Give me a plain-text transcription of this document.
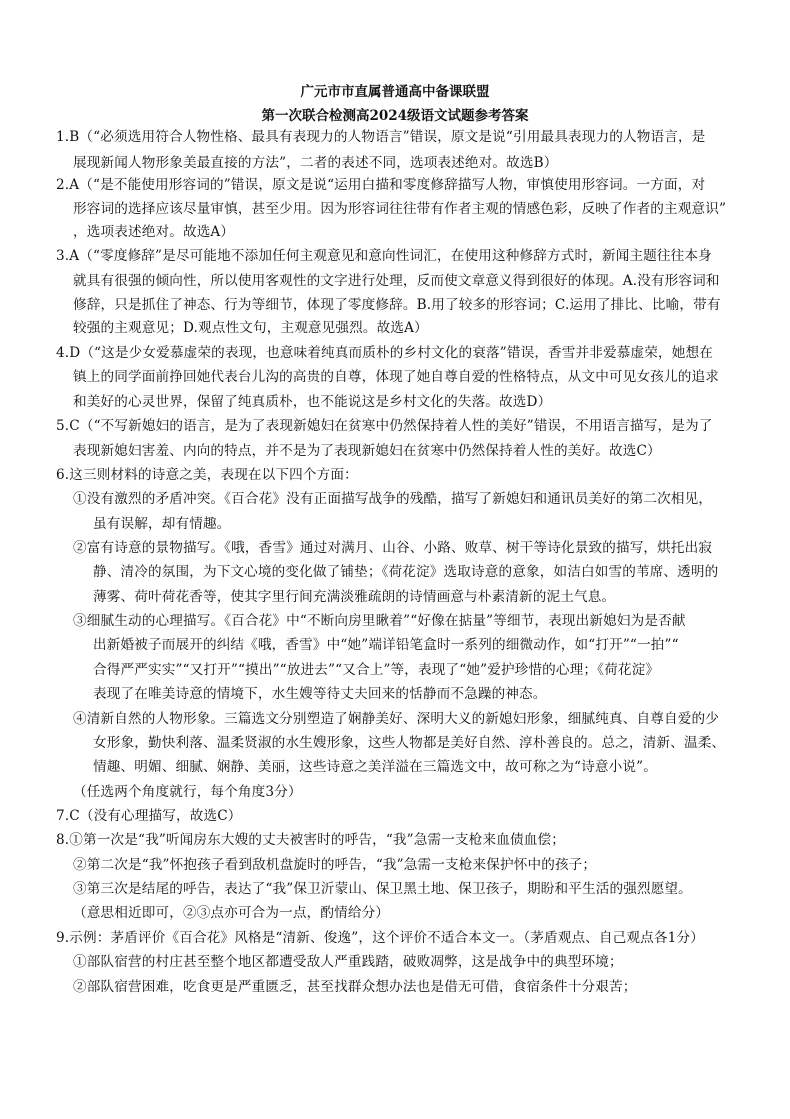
广元市市直属普通高中备课联盟
第一次联合检测高2024级语文试题参考答案
1.B（“必须选用符合人物性格、最具有表现力的人物语言”错误，原文是说“引用最具表现力的人物语言，是
展现新闻人物形象美最直接的方法”，二者的表述不同，选项表述绝对。故选B）
2.A（“是不能使用形容词的”错误，原文是说“运用白描和零度修辞描写人物，审慎使用形容词。一方面，对
形容词的选择应该尽量审慎，甚至少用。因为形容词往往带有作者主观的情感色彩，反映了作者的主观意识”
，选项表述绝对。故选A）
3.A（“零度修辞”是尽可能地不添加任何主观意见和意向性词汇，在使用这种修辞方式时，新闻主题往往本身
就具有很强的倾向性，所以使用客观性的文字进行处理，反而使文章意义得到很好的体现。A.没有形容词和
修辞，只是抓住了神态、行为等细节，体现了零度修辞。B.用了较多的形容词；C.运用了排比、比喻，带有
较强的主观意见；D.观点性文句，主观意见强烈。故选A）
4.D（“这是少女爱慕虚荣的表现，也意味着纯真而质朴的乡村文化的衰落”错误，香雪并非爱慕虚荣，她想在
镇上的同学面前挣回她代表台儿沟的高贵的自尊，体现了她自尊自爱的性格特点，从文中可见女孩儿的追求
和美好的心灵世界，保留了纯真质朴，也不能说这是乡村文化的失落。故选D）
5.C（“不写新媳妇的语言，是为了表现新媳妇在贫寒中仍然保持着人性的美好”错误，不用语言描写，是为了
表现新媳妇害羞、内向的特点，并不是为了表现新媳妇在贫寒中仍然保持着人性的美好。故选C）
6.这三则材料的诗意之美，表现在以下四个方面：
①没有激烈的矛盾冲突。《百合花》没有正面描写战争的残酷，描写了新媳妇和通讯员美好的第二次相见，
虽有误解，却有情趣。
②富有诗意的景物描写。《哦，香雪》通过对满月、山谷、小路、败草、树干等诗化景致的描写，烘托出寂
静、清冷的氛围，为下文心境的变化做了铺垫；《荷花淀》选取诗意的意象，如洁白如雪的苇席、透明的
薄雾、荷叶荷花香等，使其字里行间充满淡雅疏朗的诗情画意与朴素清新的泥土气息。
③细腻生动的心理描写。《百合花》中“不断向房里瞅着”“好像在掂量”等细节，表现出新媳妇为是否献
出新婚被子而展开的纠结《哦，香雪》中“她”端详铅笔盒时一系列的细微动作，如“打开”“一拍”“
合得严严实实”“又打开”“摸出”“放进去”“又合上”等，表现了“她”爱护珍惜的心理；《荷花淀》
表现了在唯美诗意的情境下，水生嫂等待丈夫回来的恬静而不急躁的神态。
④清新自然的人物形象。三篇选文分别塑造了娴静美好、深明大义的新媳妇形象，细腻纯真、自尊自爱的少
女形象，勤快利落、温柔贤淑的水生嫂形象，这些人物都是美好自然、淳朴善良的。总之，清新、温柔、
情趣、明媚、细腻、娴静、美丽，这些诗意之美洋溢在三篇选文中，故可称之为“诗意小说”。
（任选两个角度就行，每个角度3分）
7.C（没有心理描写，故选C）
8.①第一次是“我”听闻房东大嫂的丈夫被害时的呼告，“我”急需一支枪来血债血偿；
②第二次是“我”怀抱孩子看到敌机盘旋时的呼告，“我”急需一支枪来保护怀中的孩子；
③第三次是结尾的呼告，表达了“我”保卫沂蒙山、保卫黑土地、保卫孩子，期盼和平生活的强烈愿望。
（意思相近即可，②③点亦可合为一点，酌情给分）
9.示例：茅盾评价《百合花》风格是“清新、俊逸”，这个评价不适合本文一。（茅盾观点、自己观点各1分）
①部队宿营的村庄甚至整个地区都遭受敌人严重践踏，破败凋弊，这是战争中的典型环境；
②部队宿营困难，吃食更是严重匮乏，甚至找群众想办法也是借无可借，食宿条件十分艰苦；
